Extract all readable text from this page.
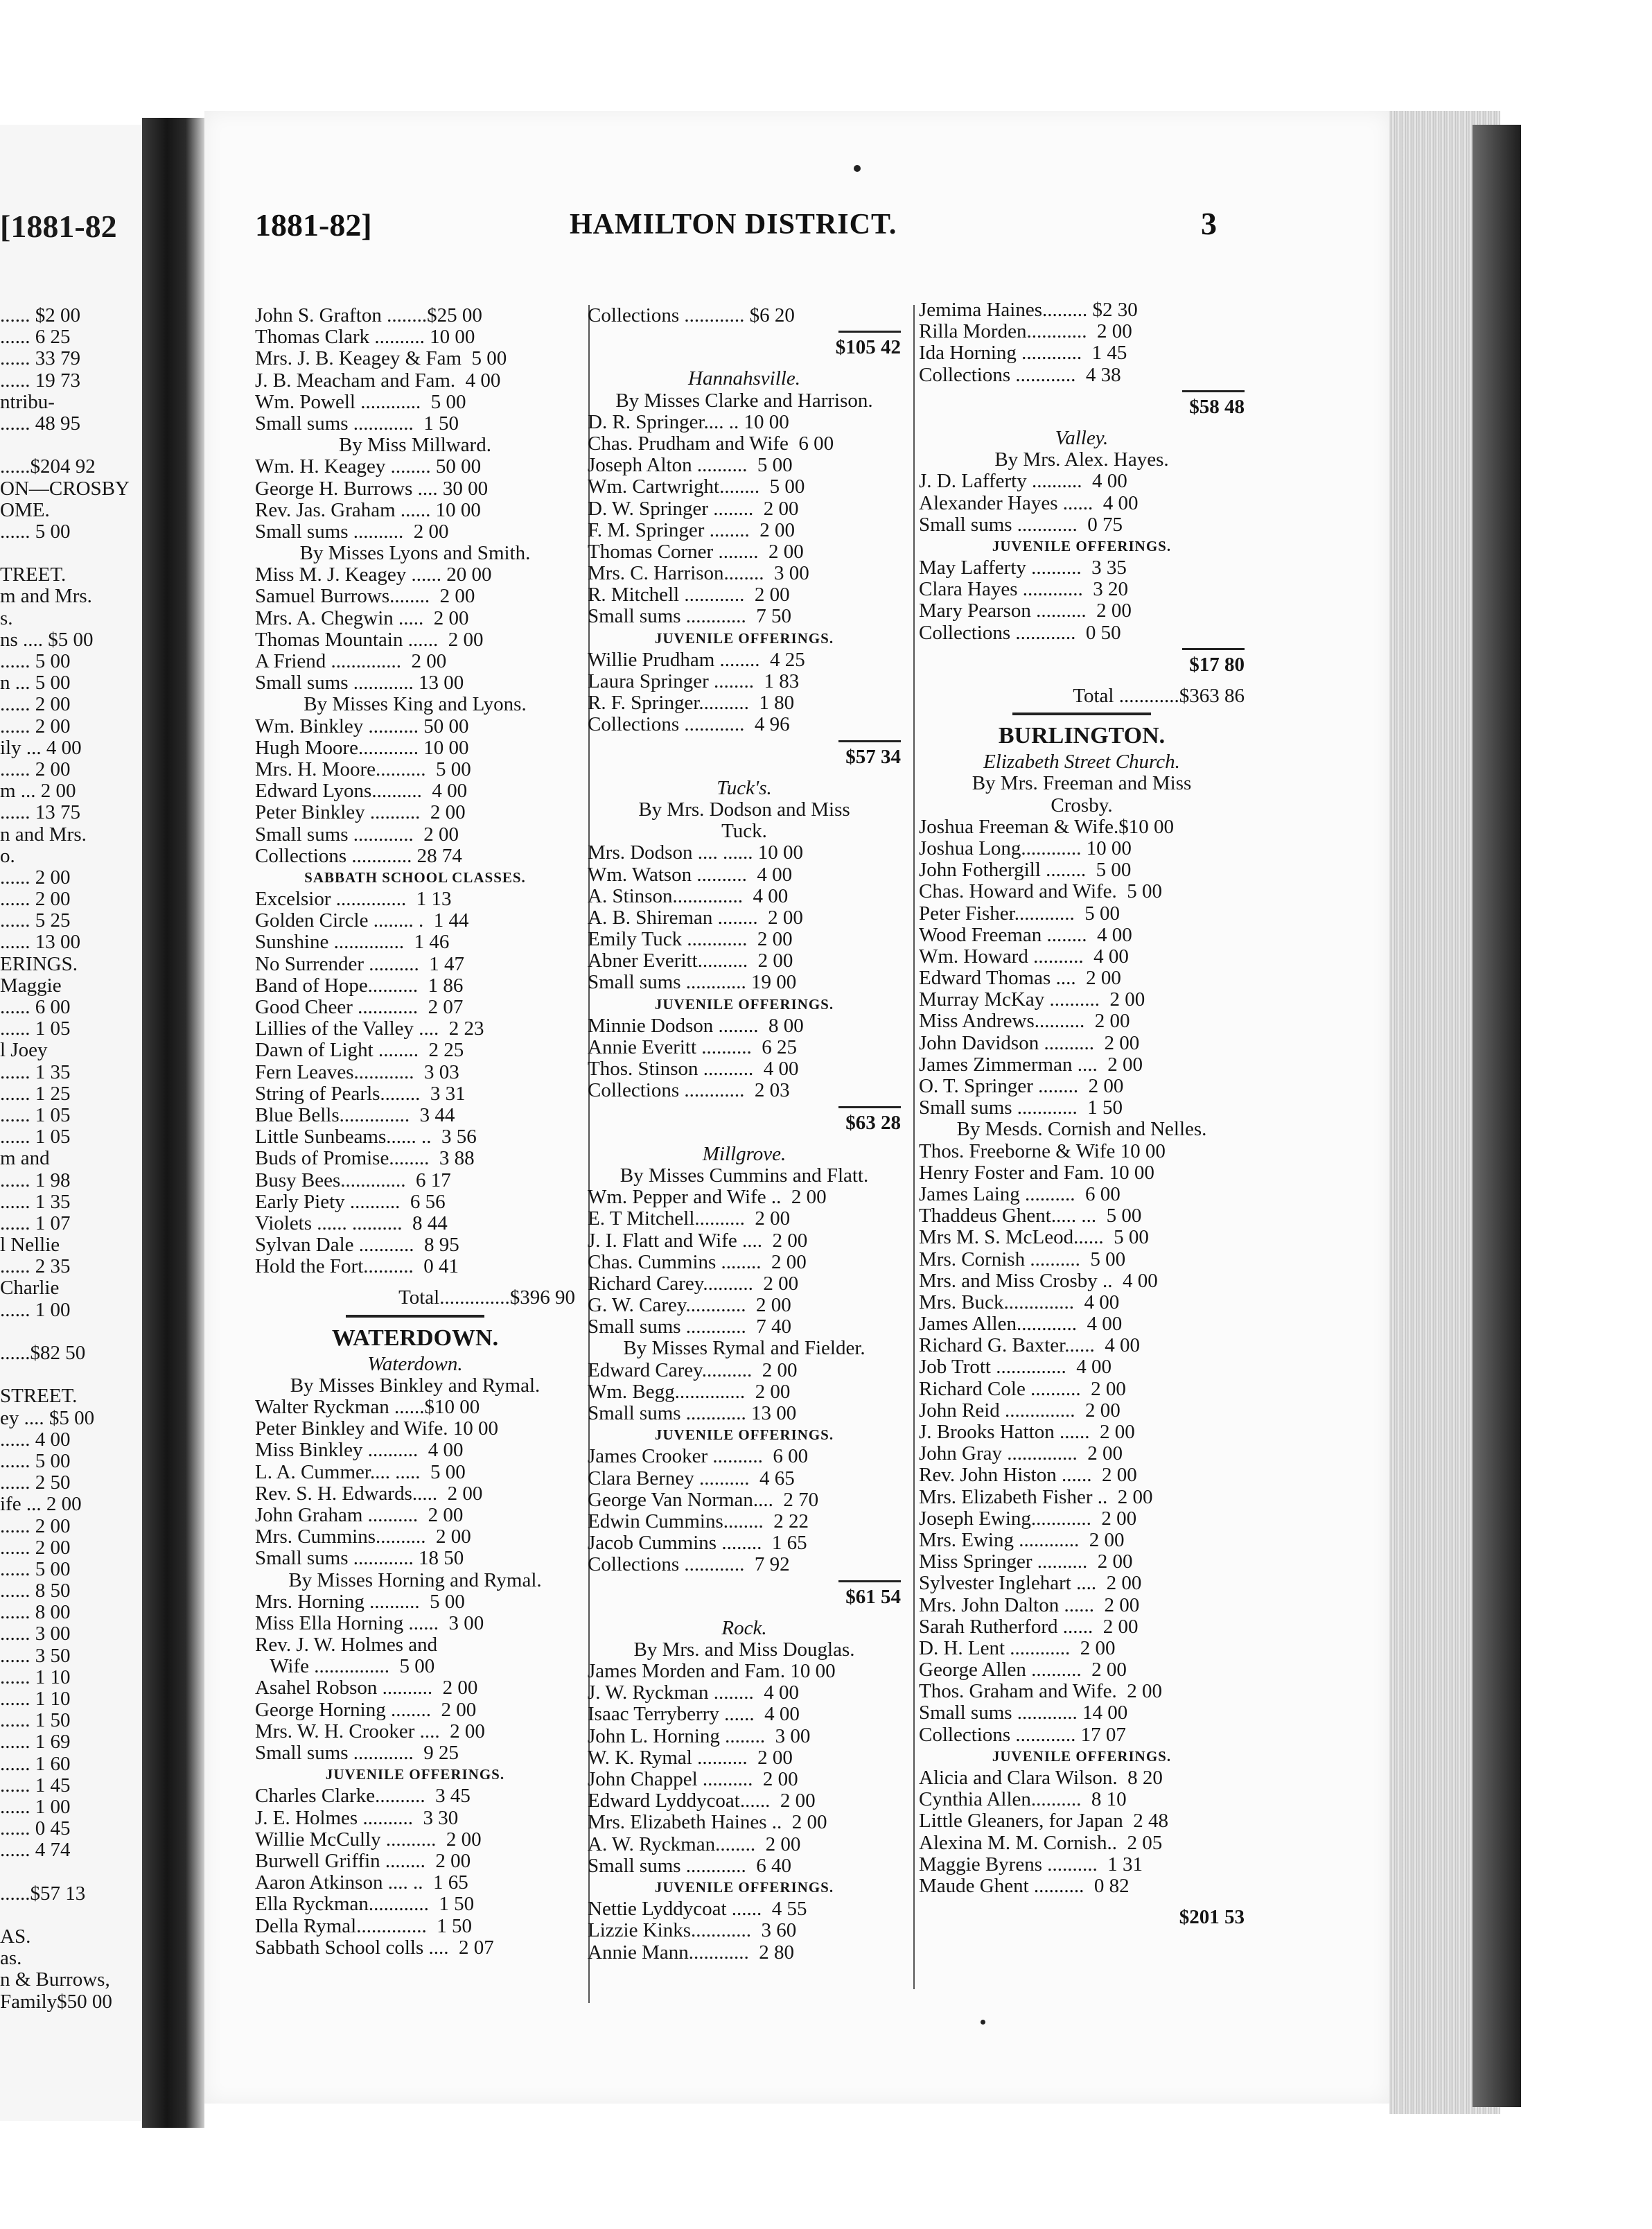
[1881-82
...... $2 00
...... 6 25
...... 33 79
...... 19 73
ntribu-
...... 48 95
......$204 92
ON—CROSBY
OME.
...... 5 00
TREET.
m and Mrs.
s.
ns .... $5 00
...... 5 00
n ... 5 00
...... 2 00
...... 2 00
ily ... 4 00
...... 2 00
m ... 2 00
...... 13 75
n and Mrs.
o.
...... 2 00
...... 2 00
...... 5 25
...... 13 00
ERINGS.
Maggie
...... 6 00
...... 1 05
l Joey
...... 1 35
...... 1 25
...... 1 05
...... 1 05
m and
...... 1 98
...... 1 35
...... 1 07
l Nellie
...... 2 35
Charlie
...... 1 00
......$82 50
STREET.
ey .... $5 00
...... 4 00
...... 5 00
...... 2 50
ife ... 2 00
...... 2 00
...... 2 00
...... 5 00
...... 8 50
...... 8 00
...... 3 00
...... 3 50
...... 1 10
...... 1 10
...... 1 50
...... 1 69
...... 1 60
...... 1 45
...... 1 00
...... 0 45
...... 4 74
......$57 13
AS.
as.
n & Burrows,
Family$50 00
1881-82]	HAMILTON DISTRICT.	3
John S. Grafton ........$25 00
Thomas Clark .......... 10 00
Mrs. J. B. Keagey & Fam  5 00
J. B. Meacham and Fam.  4 00
Wm. Powell ............  5 00
Small sums ............  1 50
By Miss Millward.
Wm. H. Keagey ........ 50 00
George H. Burrows .... 30 00
Rev. Jas. Graham ...... 10 00
Small sums ..........  2 00
By Misses Lyons and Smith.
Miss M. J. Keagey ...... 20 00
Samuel Burrows........  2 00
Mrs. A. Chegwin .....  2 00
Thomas Mountain ......  2 00
A Friend ..............  2 00
Small sums ............ 13 00
By Misses King and Lyons.
Wm. Binkley .......... 50 00
Hugh Moore............ 10 00
Mrs. H. Moore..........  5 00
Edward Lyons..........  4 00
Peter Binkley ..........  2 00
Small sums ............  2 00
Collections ............ 28 74
SABBATH SCHOOL CLASSES.
Excelsior ..............  1 13
Golden Circle ........ .  1 44
Sunshine ..............  1 46
No Surrender ..........  1 47
Band of Hope..........  1 86
Good Cheer ............  2 07
Lillies of the Valley ....  2 23
Dawn of Light ........  2 25
Fern Leaves............  3 03
String of Pearls........  3 31
Blue Bells..............  3 44
Little Sunbeams...... ..  3 56
Buds of Promise........  3 88
Busy Bees.............  6 17
Early Piety ..........  6 56
Violets ...... ..........  8 44
Sylvan Dale ...........  8 95
Hold the Fort..........  0 41
Total..............$396 90
WATERDOWN.
Waterdown.
By Misses Binkley and Rymal.
Walter Ryckman ......$10 00
Peter Binkley and Wife. 10 00
Miss Binkley ..........  4 00
L. A. Cummer.... .....  5 00
Rev. S. H. Edwards.....  2 00
John Graham ..........  2 00
Mrs. Cummins..........  2 00
Small sums ............ 18 50
By Misses Horning and Rymal.
Mrs. Horning ..........  5 00
Miss Ella Horning ......  3 00
Rev. J. W. Holmes and
Wife ...............  5 00
Asahel Robson ..........  2 00
George Horning ........  2 00
Mrs. W. H. Crooker ....  2 00
Small sums ............  9 25
JUVENILE OFFERINGS.
Charles Clarke..........  3 45
J. E. Holmes ..........  3 30
Willie McCully ..........  2 00
Burwell Griffin ........  2 00
Aaron Atkinson .... ..  1 65
Ella Ryckman............  1 50
Della Rymal..............  1 50
Sabbath School colls ....  2 07
Collections ............ $6 20
$105 42
Hannahsville.
By Misses Clarke and Harrison.
D. R. Springer.... .. 10 00
Chas. Prudham and Wife  6 00
Joseph Alton ..........  5 00
Wm. Cartwright........  5 00
D. W. Springer ........  2 00
F. M. Springer ........  2 00
Thomas Corner ........  2 00
Mrs. C. Harrison........  3 00
R. Mitchell ............  2 00
Small sums ............  7 50
JUVENILE OFFERINGS.
Willie Prudham ........  4 25
Laura Springer ........  1 83
R. F. Springer..........  1 80
Collections ............  4 96
$57 34
Tuck's.
By Mrs. Dodson and Miss
Tuck.
Mrs. Dodson .... ...... 10 00
Wm. Watson ..........  4 00
A. Stinson..............  4 00
A. B. Shireman ........  2 00
Emily Tuck ............  2 00
Abner Everitt..........  2 00
Small sums ............ 19 00
JUVENILE OFFERINGS.
Minnie Dodson ........  8 00
Annie Everitt ..........  6 25
Thos. Stinson ..........  4 00
Collections ............  2 03
$63 28
Millgrove.
By Misses Cummins and Flatt.
Wm. Pepper and Wife ..  2 00
E. T Mitchell..........  2 00
J. I. Flatt and Wife ....  2 00
Chas. Cummins ........  2 00
Richard Carey..........  2 00
G. W. Carey............  2 00
Small sums ............  7 40
By Misses Rymal and Fielder.
Edward Carey..........  2 00
Wm. Begg..............  2 00
Small sums ............ 13 00
JUVENILE OFFERINGS.
James Crooker ..........  6 00
Clara Berney ..........  4 65
George Van Norman....  2 70
Edwin Cummins........  2 22
Jacob Cummins ........  1 65
Collections ............  7 92
$61 54
Rock.
By Mrs. and Miss Douglas.
James Morden and Fam. 10 00
J. W. Ryckman ........  4 00
Isaac Terryberry ......  4 00
John L. Horning ........  3 00
W. K. Rymal ..........  2 00
John Chappel ..........  2 00
Edward Lyddycoat......  2 00
Mrs. Elizabeth Haines ..  2 00
A. W. Ryckman........  2 00
Small sums ............  6 40
JUVENILE OFFERINGS.
Nettie Lyddycoat ......  4 55
Lizzie Kinks............  3 60
Annie Mann............  2 80
Jemima Haines......... $2 30
Rilla Morden............  2 00
Ida Horning ............  1 45
Collections ............  4 38
$58 48
Valley.
By Mrs. Alex. Hayes.
J. D. Lafferty ..........  4 00
Alexander Hayes ......  4 00
Small sums ............  0 75
JUVENILE OFFERINGS.
May Lafferty ..........  3 35
Clara Hayes ............  3 20
Mary Pearson ..........  2 00
Collections ............  0 50
$17 80
Total ............$363 86
BURLINGTON.
Elizabeth Street Church.
By Mrs. Freeman and Miss
Crosby.
Joshua Freeman & Wife.$10 00
Joshua Long............ 10 00
John Fothergill ........  5 00
Chas. Howard and Wife.  5 00
Peter Fisher............  5 00
Wood Freeman ........  4 00
Wm. Howard ..........  4 00
Edward Thomas ....  2 00
Murray McKay ..........  2 00
Miss Andrews..........  2 00
John Davidson ..........  2 00
James Zimmerman ....  2 00
O. T. Springer ........  2 00
Small sums ............  1 50
By Mesds. Cornish and Nelles.
Thos. Freeborne & Wife 10 00
Henry Foster and Fam. 10 00
James Laing ..........  6 00
Thaddeus Ghent..... ...  5 00
Mrs M. S. McLeod......  5 00
Mrs. Cornish ..........  5 00
Mrs. and Miss Crosby ..  4 00
Mrs. Buck..............  4 00
James Allen............  4 00
Richard G. Baxter......  4 00
Job Trott ..............  4 00
Richard Cole ..........  2 00
John Reid ..............  2 00
J. Brooks Hatton ......  2 00
John Gray ..............  2 00
Rev. John Histon ......  2 00
Mrs. Elizabeth Fisher ..  2 00
Joseph Ewing............  2 00
Mrs. Ewing ............  2 00
Miss Springer ..........  2 00
Sylvester Inglehart ....  2 00
Mrs. John Dalton ......  2 00
Sarah Rutherford ......  2 00
D. H. Lent ............  2 00
George Allen ..........  2 00
Thos. Graham and Wife.  2 00
Small sums ............ 14 00
Collections ............ 17 07
JUVENILE OFFERINGS.
Alicia and Clara Wilson.  8 20
Cynthia Allen..........  8 10
Little Gleaners, for Japan  2 48
Alexina M. M. Cornish..  2 05
Maggie Byrens ..........  1 31
Maude Ghent ..........  0 82
$201 53
